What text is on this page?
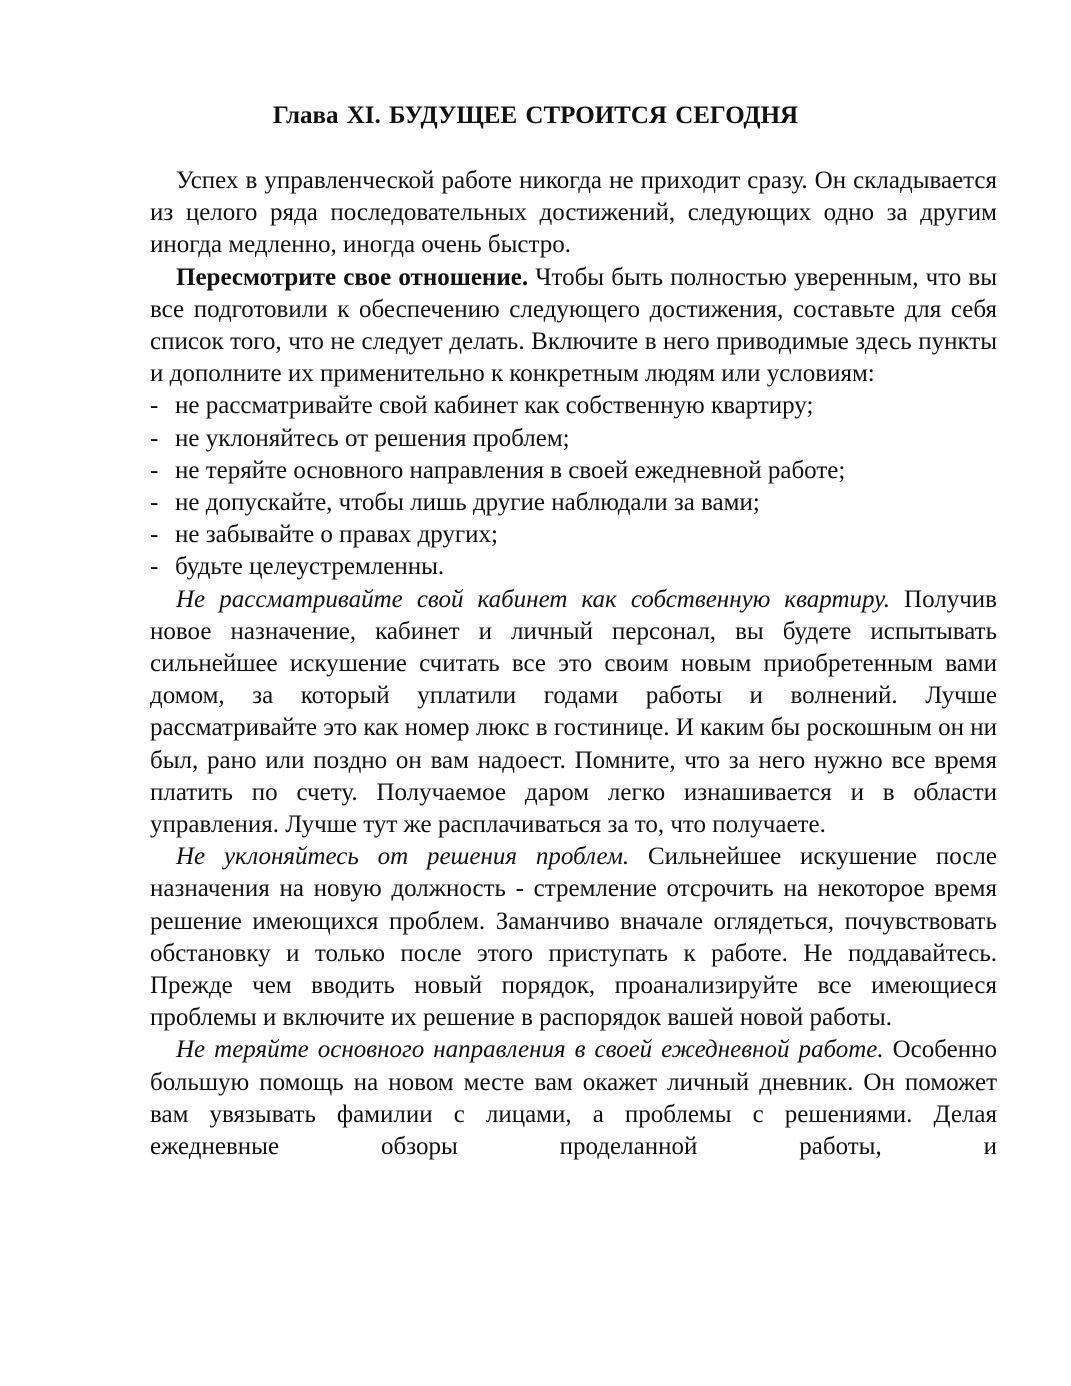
Глава XI. БУДУЩЕЕ СТРОИТСЯ СЕГОДНЯ

Успех в управленческой работе никогда не приходит сразу. Он складывается из целого ряда последовательных достижений, следующих одно за другим иногда медленно, иногда очень быстро.

Пересмотрите свое отношение. Чтобы быть полностью уверенным, что вы все подготовили к обеспечению следующего достижения, составьте для себя список того, что не следует делать. Включите в него приводимые здесь пункты и дополните их применительно к конкретным людям или условиям:

- не рассматривайте свой кабинет как собственную квартиру;
- не уклоняйтесь от решения проблем;
- не теряйте основного направления в своей ежедневной работе;
- не допускайте, чтобы лишь другие наблюдали за вами;
- не забывайте о правах других;
- будьте целеустремленны.

Не рассматривайте свой кабинет как собственную квартиру. Получив новое назначение, кабинет и личный персонал, вы будете испытывать сильнейшее искушение считать все это своим новым приобретенным вами домом, за который уплатили годами работы и волнений. Лучше рассматривайте это как номер люкс в гостинице. И каким бы роскошным он ни был, рано или поздно он вам надоест. Помните, что за него нужно все время платить по счету. Получаемое даром легко изнашивается и в области управления. Лучше тут же расплачиваться за то, что получаете.

Не уклоняйтесь от решения проблем. Сильнейшее искушение после назначения на новую должность - стремление отсрочить на некоторое время решение имеющихся проблем. Заманчиво вначале оглядеться, почувствовать обстановку и только после этого приступать к работе. Не поддавайтесь. Прежде чем вводить новый порядок, проанализируйте все имеющиеся проблемы и включите их решение в распорядок вашей новой работы.

Не теряйте основного направления в своей ежедневной работе. Особенно большую помощь на новом месте вам окажет личный дневник. Он поможет вам увязывать фамилии с лицами, а проблемы с решениями. Делая ежедневные обзоры проделанной работы, и
